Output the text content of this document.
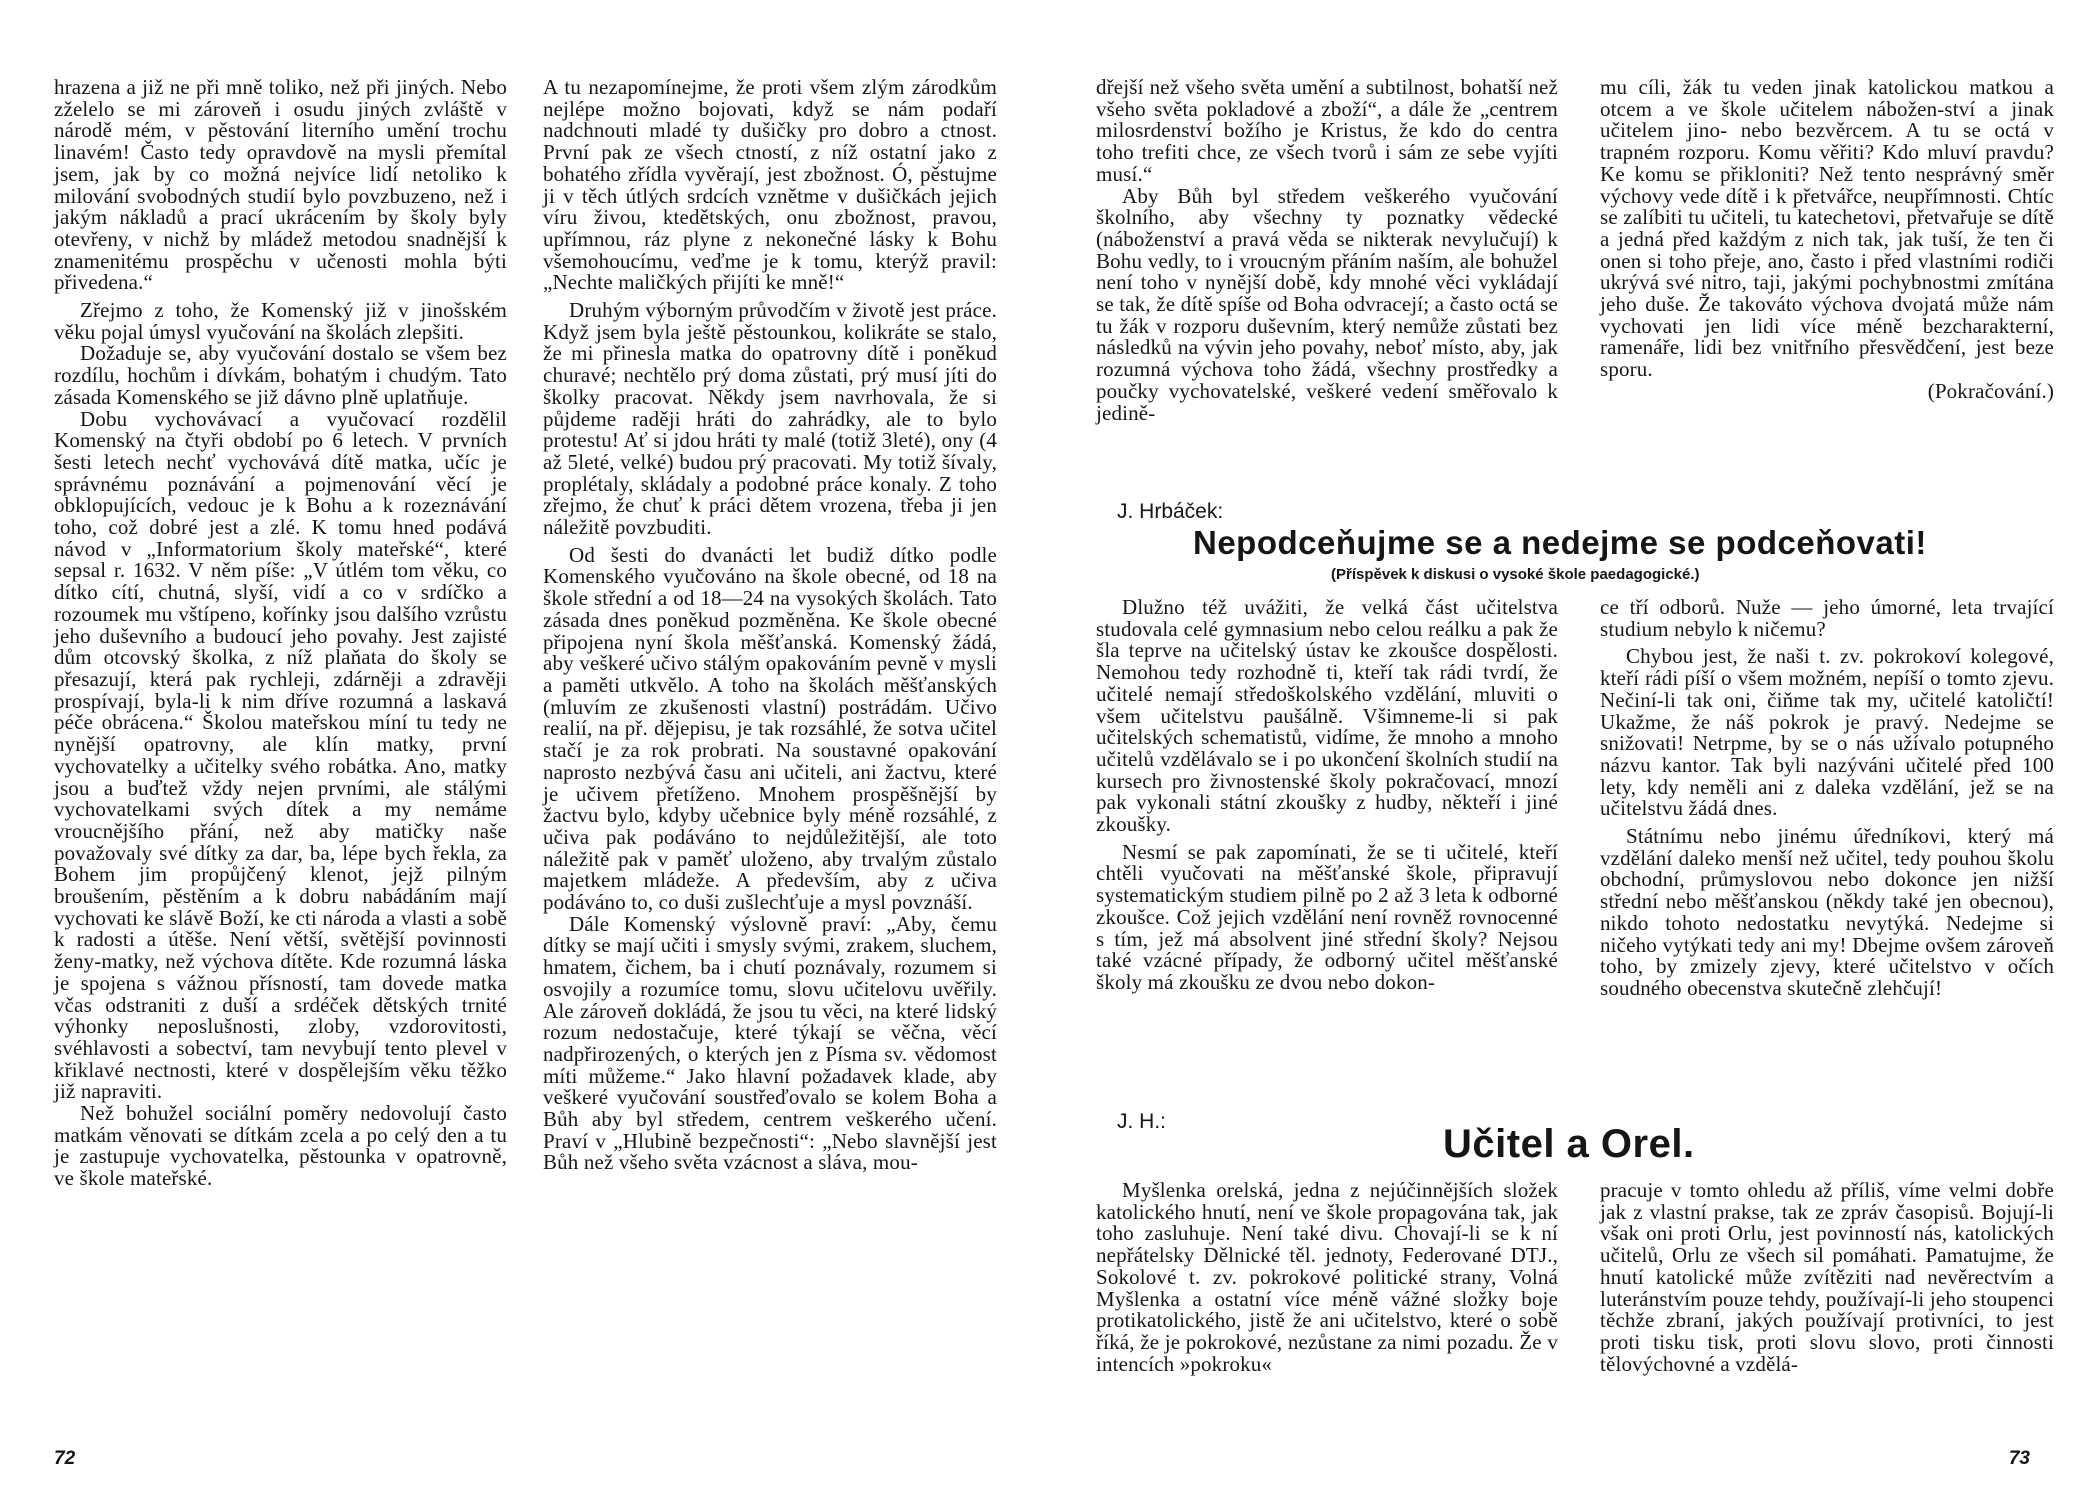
hrazena a již ne při mně toliko, než při jiných. Nebo zželelo se mi zároveň i osudu jiných zvláště v národě mém, v pěstování literního umění trochu linavém! Často tedy opravdově na mysli přemítal jsem, jak by co možná nejvíce lidí netoliko k milování svobodných studií bylo povzbuzeno, než i jakým nákladů a prací ukrácením by školy byly otevřeny, v nichž by mládež metodou snadnější k znamenitému prospěchu v učenosti mohla býti přivedena.“

Zřejmo z toho, že Komenský již v jinošském věku pojal úmysl vyučování na školách zlepšiti.

Dožaduje se, aby vyučování dostalo se všem bez rozdílu, hochům i dívkám, bohatým i chudým. Tato zásada Komenského se již dávno plně uplatňuje.

Dobu vychovávací a vyučovací rozdělil Komenský na čtyři období po 6 letech. V prvních šesti letech nechť vychovává dítě matka, učíc je správnému poznávání a pojmenování věcí je obklopujících, vedouc je k Bohu a k rozeznávání toho, což dobré jest a zlé. K tomu hned podává návod v „Informatorium školy mateřské“, které sepsal r. 1632. V něm píše: „V útlém tom věku, co dítko cítí, chutná, slyší, vidí a co v srdíčko a rozoumek mu vštípeno, kořínky jsou dalšího vzrůstu jeho duševního a budoucí jeho povahy. Jest zajisté dům otcovský školka, z níž plaňata do školy se přesazují, která pak rychleji, zdárněji a zdravěji prospívají, byla-li k nim dříve rozumná a laskavá péče obrácena.“ Školou mateřskou míní tu tedy ne nynější opatrovny, ale klín matky, první vychovatelky a učitelky svého robátka. Ano, matky jsou a buďtež vždy nejen prvními, ale stálými vychovatelkami svých dítek a my nemáme vroucnějšího přání, než aby matičky naše považovaly své dítky za dar, ba, lépe bych řekla, za Bohem jim propůjčený klenot, jejž pilným broušením, pěstěním a k dobru nabádáním mají vychovati ke slávě Boží, ke cti národa a vlasti a sobě k radosti a útěše. Není větší, světější povinnosti ženy-matky, než výchova dítěte. Kde rozumná láska je spojena s vážnou přísností, tam dovede matka včas odstraniti z duší a srdéček dětských trnité výhonky neposlušnosti, zloby, vzdorovitosti, svéhlavosti a sobectví, tam nevybují tento plevel v křiklavé nectnosti, které v dospělejším věku těžko již napraviti.

Než bohužel sociální poměry nedovolují často matkám věnovati se dítkám zcela a po celý den a tu je zastupuje vychovatelka, pěstounka v opatrovně, ve škole mateřské.

A tu nezapomínejme, že proti všem zlým zárodkům nejlépe možno bojovati, když se nám podaří nadchnouti mladé ty dušičky pro dobro a ctnost. První pak ze všech ctností, z níž ostatní jako z bohatého zřídla vyvěrají, jest zbožnost. Ó, pěstujme ji v těch útlých srdcích vznětme v dušičkách jejich víru živou, ktedětských, onu zbožnost, pravou, upřímnou, ráz plyne z nekonečné lásky k Bohu všemohoucímu, veďme je k tomu, kterýž pravil: „Nechte maličkých přijíti ke mně!“

Druhým výborným průvodčím v životě jest práce. Když jsem byla ještě pěstounkou, kolikráte se stalo, že mi přinesla matka do opatrovny dítě i poněkud churavé; nechtělo prý doma zůstati, prý musí jíti do školky pracovat. Někdy jsem navrhovala, že si půjdeme raději hráti do zahrádky, ale to bylo protestu! Ať si jdou hráti ty malé (totiž 3leté), ony (4 až 5leté, velké) budou prý pracovati. My totiž šívaly, proplétaly, skládaly a podobné práce konaly. Z toho zřejmo, že chuť k práci dětem vrozena, třeba ji jen náležitě povzbuditi.

Od šesti do dvanácti let budiž dítko podle Komenského vyučováno na škole obecné, od 18 na škole střední a od 18—24 na vysokých školách. Tato zásada dnes poněkud pozměněna. Ke škole obecné připojena nyní škola měšťanská. Komenský žádá, aby veškeré učivo stálým opakováním pevně v mysli a paměti utkvělo. A toho na školách měšťanských (mluvím ze zkušenosti vlastní) postrádám. Učivo realií, na př. dějepisu, je tak rozsáhlé, že sotva učitel stačí je za rok probrati. Na soustavné opakování naprosto nezbývá času ani učiteli, ani žactvu, které je učivem přetíženo. Mnohem prospěšnější by žactvu bylo, kdyby učebnice byly méně rozsáhlé, z učiva pak podáváno to nejdůležitější, ale toto náležitě pak v paměť uloženo, aby trvalým zůstalo majetkem mládeže. A především, aby z učiva podáváno to, co duši zušlechťuje a mysl povznáší.

Dále Komenský výslovně praví: „Aby, čemu dítky se mají učiti i smysly svými, zrakem, sluchem, hmatem, čichem, ba i chutí poznávaly, rozumem si osvojily a rozumíce tomu, slovu učitelovu uvěřily. Ale zároveň dokládá, že jsou tu věci, na které lidský rozum nedostačuje, které týkají se věčna, věcí nadpřirozených, o kterých jen z Písma sv. vědomost míti můžeme.“ Jako hlavní požadavek klade, aby veškeré vyučování soustřeďovalo se kolem Boha a Bůh aby byl středem, centrem veškerého učení. Praví v „Hlubině bezpečnosti“: „Nebo slavnější jest Bůh než všeho světa vzácnost a sláva, mou-

72

dřejší než všeho světa umění a subtilnost, bohatší než všeho světa pokladové a zboží“, a dále že „centrem milosrdenství božího je Kristus, že kdo do centra toho trefiti chce, ze všech tvorů i sám ze sebe vyjíti musí.“

Aby Bůh byl středem veškerého vyučování školního, aby všechny ty poznatky vědecké (náboženství a pravá věda se nikterak nevylučují) k Bohu vedly, to i vroucným přáním naším, ale bohužel není toho v nynější době, kdy mnohé věci vykládají se tak, že dítě spíše od Boha odvracejí; a často octá se tu žák v rozporu duševním, který nemůže zůstati bez následků na vývin jeho povahy, neboť místo, aby, jak rozumná výchova toho žádá, všechny prostředky a poučky vychovatelské, veškeré vedení směřovalo k jedině-

mu cíli, žák tu veden jinak katolickou matkou a otcem a ve škole učitelem nábožen-ství a jinak učitelem jino- nebo bezvěrcem. A tu se octá v trapném rozporu. Komu věřiti? Kdo mluví pravdu? Ke komu se přikloniti? Než tento nesprávný směr výchovy vede dítě i k přetvářce, neupřímnosti. Chtíc se zalíbiti tu učiteli, tu katechetovi, přetvařuje se dítě a jedná před každým z nich tak, jak tuší, že ten či onen si toho přeje, ano, často i před vlastními rodiči ukrývá své nitro, taji, jakými pochybnostmi zmítána jeho duše. Že takováto výchova dvojatá může nám vychovati jen lidi více méně bezcharakterní, ramenáře, lidi bez vnitřního přesvědčení, jest beze sporu.

(Pokračování.)

J. Hrbáček:
Nepodceňujme se a nedejme se podceňovati!
(Příspěvek k diskusi o vysoké škole paedagogické.)

Dlužno též uvážiti, že velká část učitelstva studovala celé gymnasium nebo celou reálku a pak že šla teprve na učitelský ústav ke zkoušce dospělosti. Nemohou tedy rozhodně ti, kteří tak rádi tvrdí, že učitelé nemají středoškolského vzdělání, mluviti o všem učitelstvu paušálně. Všimneme-li si pak učitelských schematistů, vidíme, že mnoho a mnoho učitelů vzdělávalo se i po ukončení školních studií na kursech pro živnostenské školy pokračovací, mnozí pak vykonali státní zkoušky z hudby, někteří i jiné zkoušky.

Nesmí se pak zapomínati, že se ti učitelé, kteří chtěli vyučovati na měšťanské škole, připravují systematickým studiem pilně po 2 až 3 leta k odborné zkoušce. Což jejich vzdělání není rovněž rovnocenné s tím, jež má absolvent jiné střední školy? Nejsou také vzácné případy, že odborný učitel měšťanské školy má zkoušku ze dvou nebo dokon-

ce tří odborů. Nuže — jeho úmorné, leta trvající studium nebylo k ničemu?

Chybou jest, že naši t. zv. pokrokoví kolegové, kteří rádi píší o všem možném, nepíší o tomto zjevu. Nečiní-li tak oni, čiňme tak my, učitelé katoličtí! Ukažme, že náš pokrok je pravý. Nedejme se snižovati! Netrpme, by se o nás užívalo potupného názvu kantor. Tak byli nazýváni učitelé před 100 lety, kdy neměli ani z daleka vzdělání, jež se na učitelstvu žádá dnes.

Státnímu nebo jinému úředníkovi, který má vzdělání daleko menší než učitel, tedy pouhou školu obchodní, průmyslovou nebo dokonce jen nižší střední nebo měšťanskou (někdy také jen obecnou), nikdo tohoto nedostatku nevytýká. Nedejme si ničeho vytýkati tedy ani my! Dbejme ovšem zároveň toho, by zmizely zjevy, které učitelstvo v očích soudného obecenstva skutečně zlehčují!

J. H.:
Učitel a Orel.

Myšlenka orelská, jedna z nejúčinnějších složek katolického hnutí, není ve škole propagována tak, jak toho zasluhuje. Není také divu. Chovají-li se k ní nepřátelsky Dělnické těl. jednoty, Federované DTJ., Sokolové t. zv. pokrokové politické strany, Volná Myšlenka a ostatní více méně vážné složky boje protikatolického, jistě že ani učitelstvo, které o sobě říká, že je pokrokové, nezůstane za nimi pozadu. Že v intencích »pokroku«

pracuje v tomto ohledu až příliš, víme velmi dobře jak z vlastní prakse, tak ze zpráv časopisů. Bojují-li však oni proti Orlu, jest povinností nás, katolických učitelů, Orlu ze všech sil pomáhati. Pamatujme, že hnutí katolické může zvítěziti nad nevěrectvím a luteránstvím pouze tehdy, používají-li jeho stoupenci těchže zbraní, jakých používají protivníci, to jest proti tisku tisk, proti slovu slovo, proti činnosti tělovýchovné a vzdělá-

73
